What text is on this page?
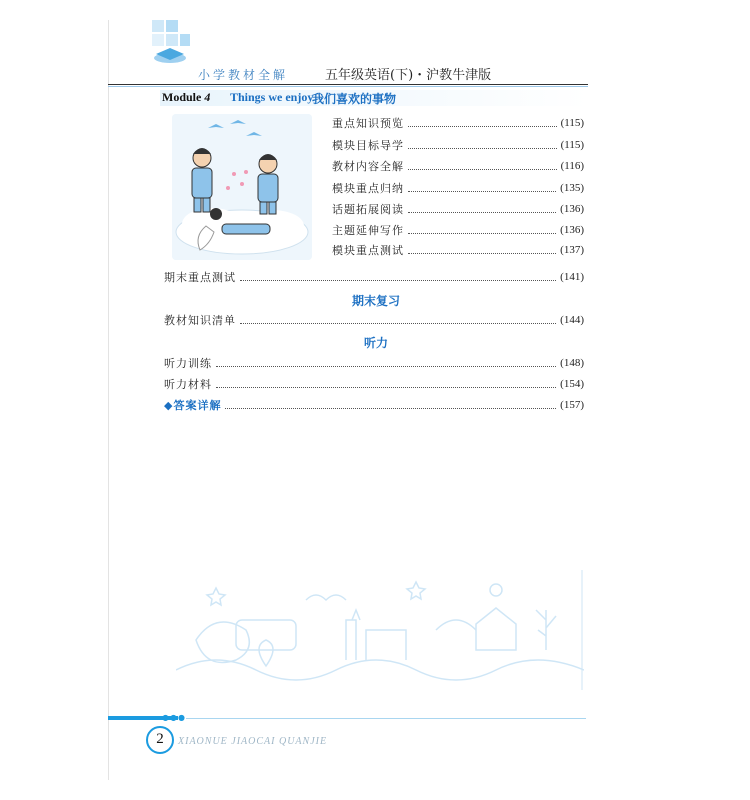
小学教材全解	五年级英语(下)・沪教牛津版
Module 4 Things we enjoy
我们喜欢的事物
重点知识预览	(115)
模块目标导学	(115)
教材内容全解	(116)
模块重点归纳	(135)
话题拓展阅读	(136)
主题延伸写作	(136)
模块重点测试	(137)
期末重点测试	(141)
期末复习
教材知识清单	(144)
听力
听力训练	(148)
听力材料	(154)
◆答案详解	(157)
●●●
2	XIAONUE JIAOCAI QUANJIE
